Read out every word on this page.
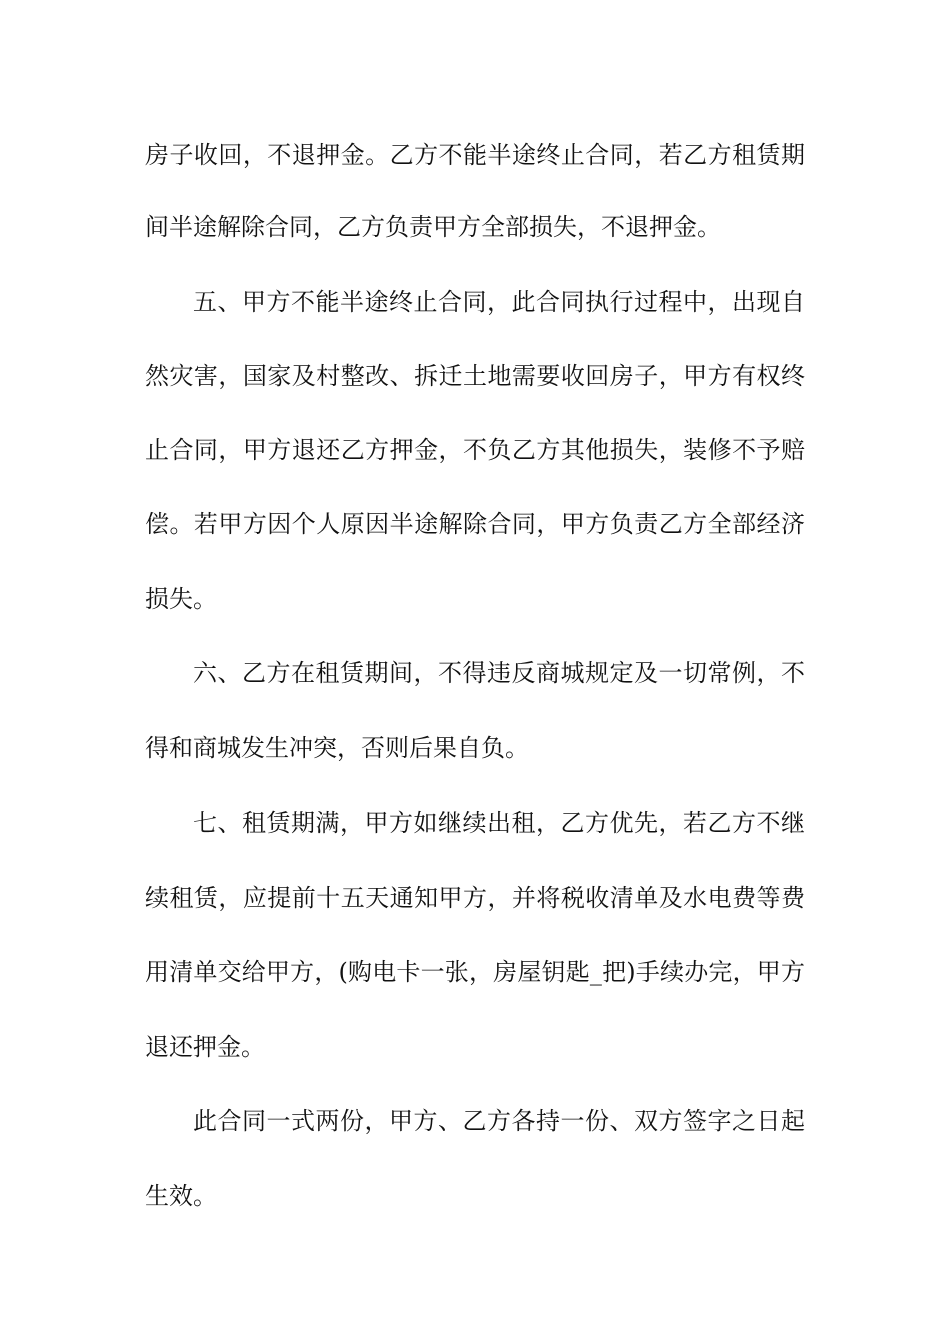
房子收回，不退押金。乙方不能半途终止合同，若乙方租赁期
间半途解除合同，乙方负责甲方全部损失，不退押金。
五、甲方不能半途终止合同，此合同执行过程中，出现自
然灾害，国家及村整改、拆迁土地需要收回房子，甲方有权终
止合同，甲方退还乙方押金，不负乙方其他损失，装修不予赔
偿。若甲方因个人原因半途解除合同，甲方负责乙方全部经济
损失。
六、乙方在租赁期间，不得违反商城规定及一切常例，不
得和商城发生冲突，否则后果自负。
七、租赁期满，甲方如继续出租，乙方优先，若乙方不继
续租赁，应提前十五天通知甲方，并将税收清单及水电费等费
用清单交给甲方，(购电卡一张，房屋钥匙_把)手续办完，甲方
退还押金。
此合同一式两份，甲方、乙方各持一份、双方签字之日起
生效。
